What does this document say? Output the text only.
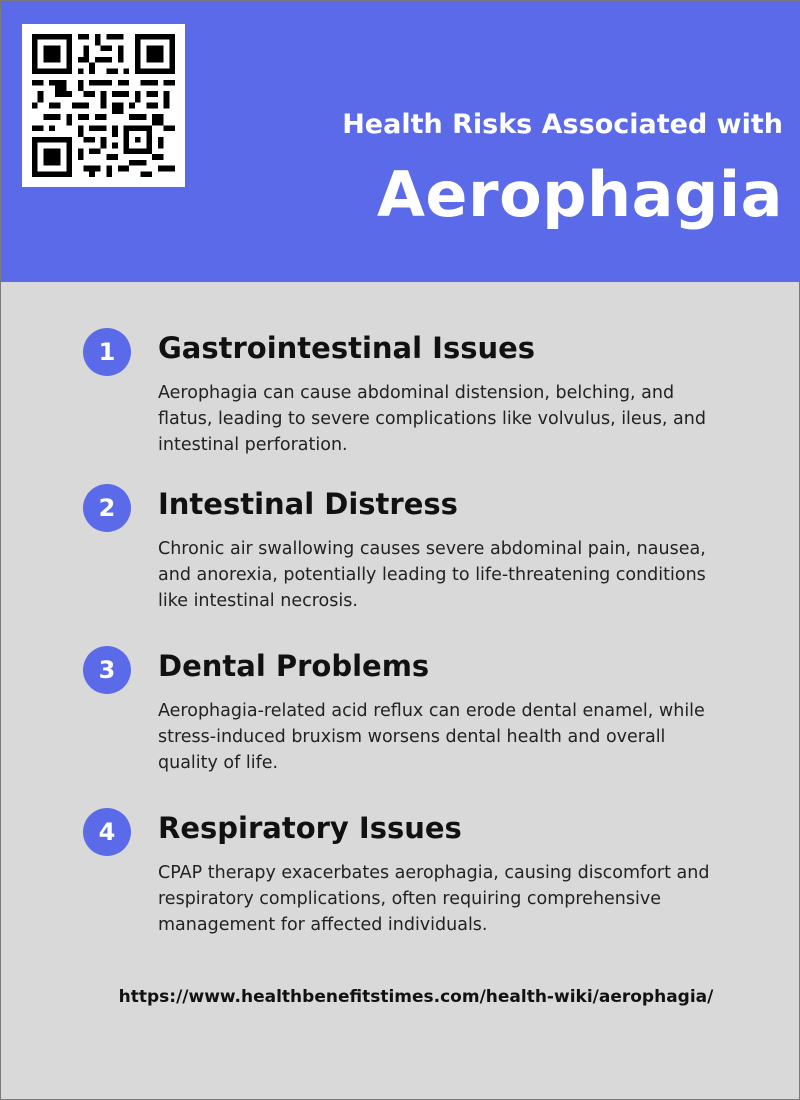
Health Risks Associated with
Aerophagia
1	Gastrointestinal Issues
Aerophagia can cause abdominal distension, belching, and flatus, leading to severe complications like volvulus, ileus, and intestinal perforation.
2	Intestinal Distress
Chronic air swallowing causes severe abdominal pain, nausea, and anorexia, potentially leading to life-threatening conditions like intestinal necrosis.
3	Dental Problems
Aerophagia-related acid reflux can erode dental enamel, while stress-induced bruxism worsens dental health and overall quality of life.
4	Respiratory Issues
CPAP therapy exacerbates aerophagia, causing discomfort and respiratory complications, often requiring comprehensive management for affected individuals.
https://www.healthbenefitstimes.com/health-wiki/aerophagia/
